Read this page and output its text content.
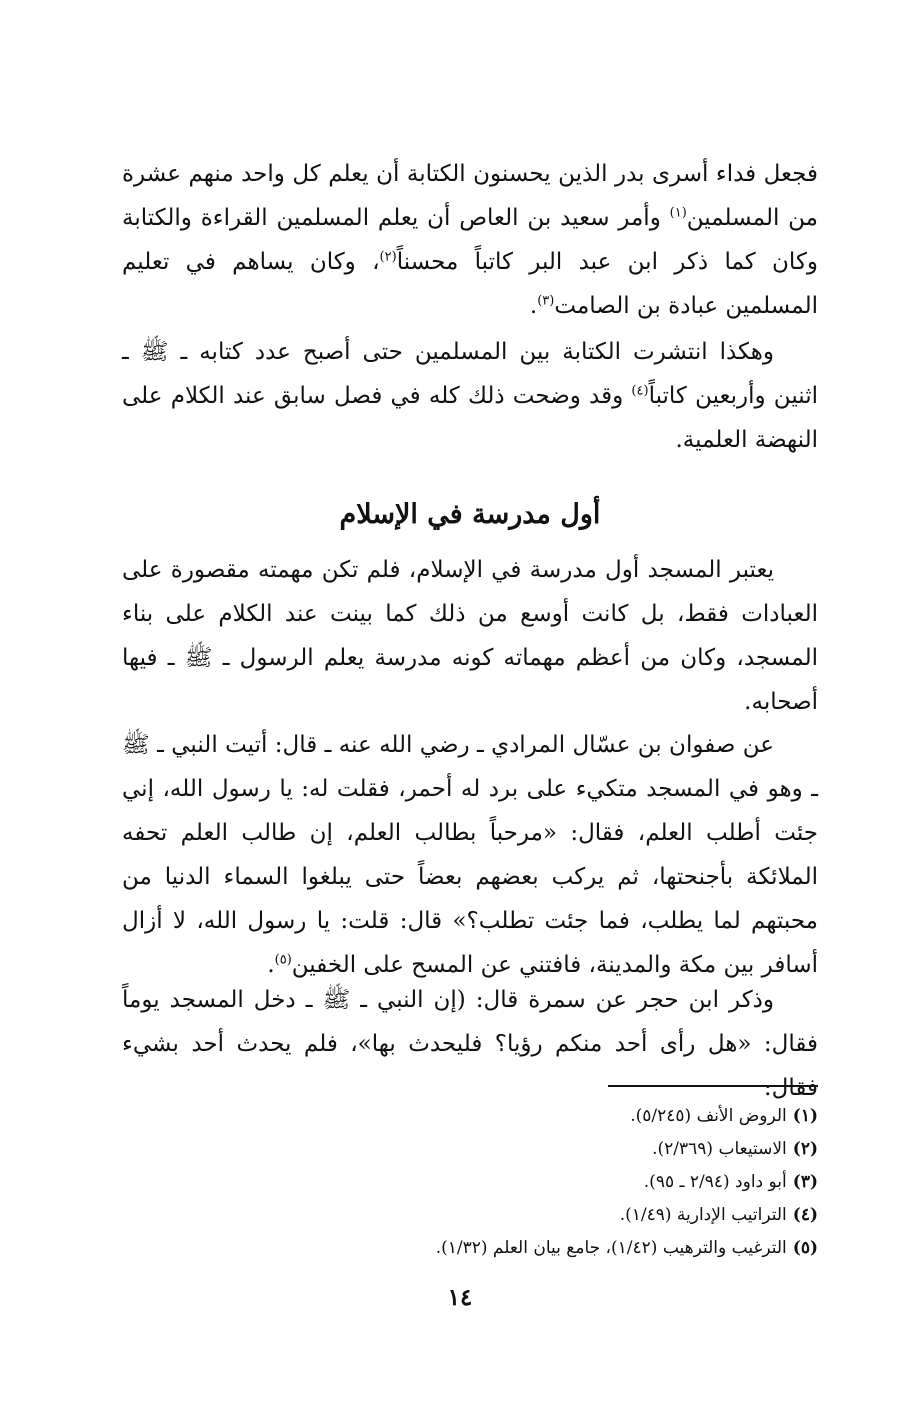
فجعل فداء أسرى بدر الذين يحسنون الكتابة أن يعلم كل واحد منهم عشرة من المسلمين$^{(١)}$ وأمر سعيد بن العاص أن يعلم المسلمين القراءة والكتابة وكان كما ذكر ابن عبد البر كاتباً محسناً$^{(٢)}$، وكان يساهم في تعليم المسلمين عبادة بن الصامت$^{(٣)}$.

وهكذا انتشرت الكتابة بين المسلمين حتى أصبح عدد كتابه ـ ﷺ ـ اثنين وأربعين كاتباً$^{(٤)}$ وقد وضحت ذلك كله في فصل سابق عند الكلام على النهضة العلمية.

أول مدرسة في الإسلام

يعتبر المسجد أول مدرسة في الإسلام، فلم تكن مهمته مقصورة على العبادات فقط، بل كانت أوسع من ذلك كما بينت عند الكلام على بناء المسجد، وكان من أعظم مهماته كونه مدرسة يعلم الرسول ـ ﷺ ـ فيها أصحابه.

عن صفوان بن عسّال المرادي ـ رضي الله عنه ـ قال: أتيت النبي ـ ﷺ ـ وهو في المسجد متكيء على برد له أحمر، فقلت له: يا رسول الله، إني جئت أطلب العلم، فقال: «مرحباً بطالب العلم، إن طالب العلم تحفه الملائكة بأجنحتها، ثم يركب بعضهم بعضاً حتى يبلغوا السماء الدنيا من محبتهم لما يطلب، فما جئت تطلب؟» قال: قلت: يا رسول الله، لا أزال أسافر بين مكة والمدينة، فافتني عن المسح على الخفين$^{(٥)}$.

وذكر ابن حجر عن سمرة قال: (إن النبي ـ ﷺ ـ دخل المسجد يوماً فقال: «هل رأى أحد منكم رؤيا؟ فليحدث بها»، فلم يحدث أحد بشيء فقال:

(١)الروض الأنف (٥/٢٤٥).
(٢)الاستيعاب (٢/٣٦٩).
(٣)أبو داود (٢/٩٤ ـ ٩٥).
(٤)التراتيب الإدارية (١/٤٩).
(٥)الترغيب والترهيب (١/٤٢)، جامع بيان العلم (١/٣٢).
١٤
